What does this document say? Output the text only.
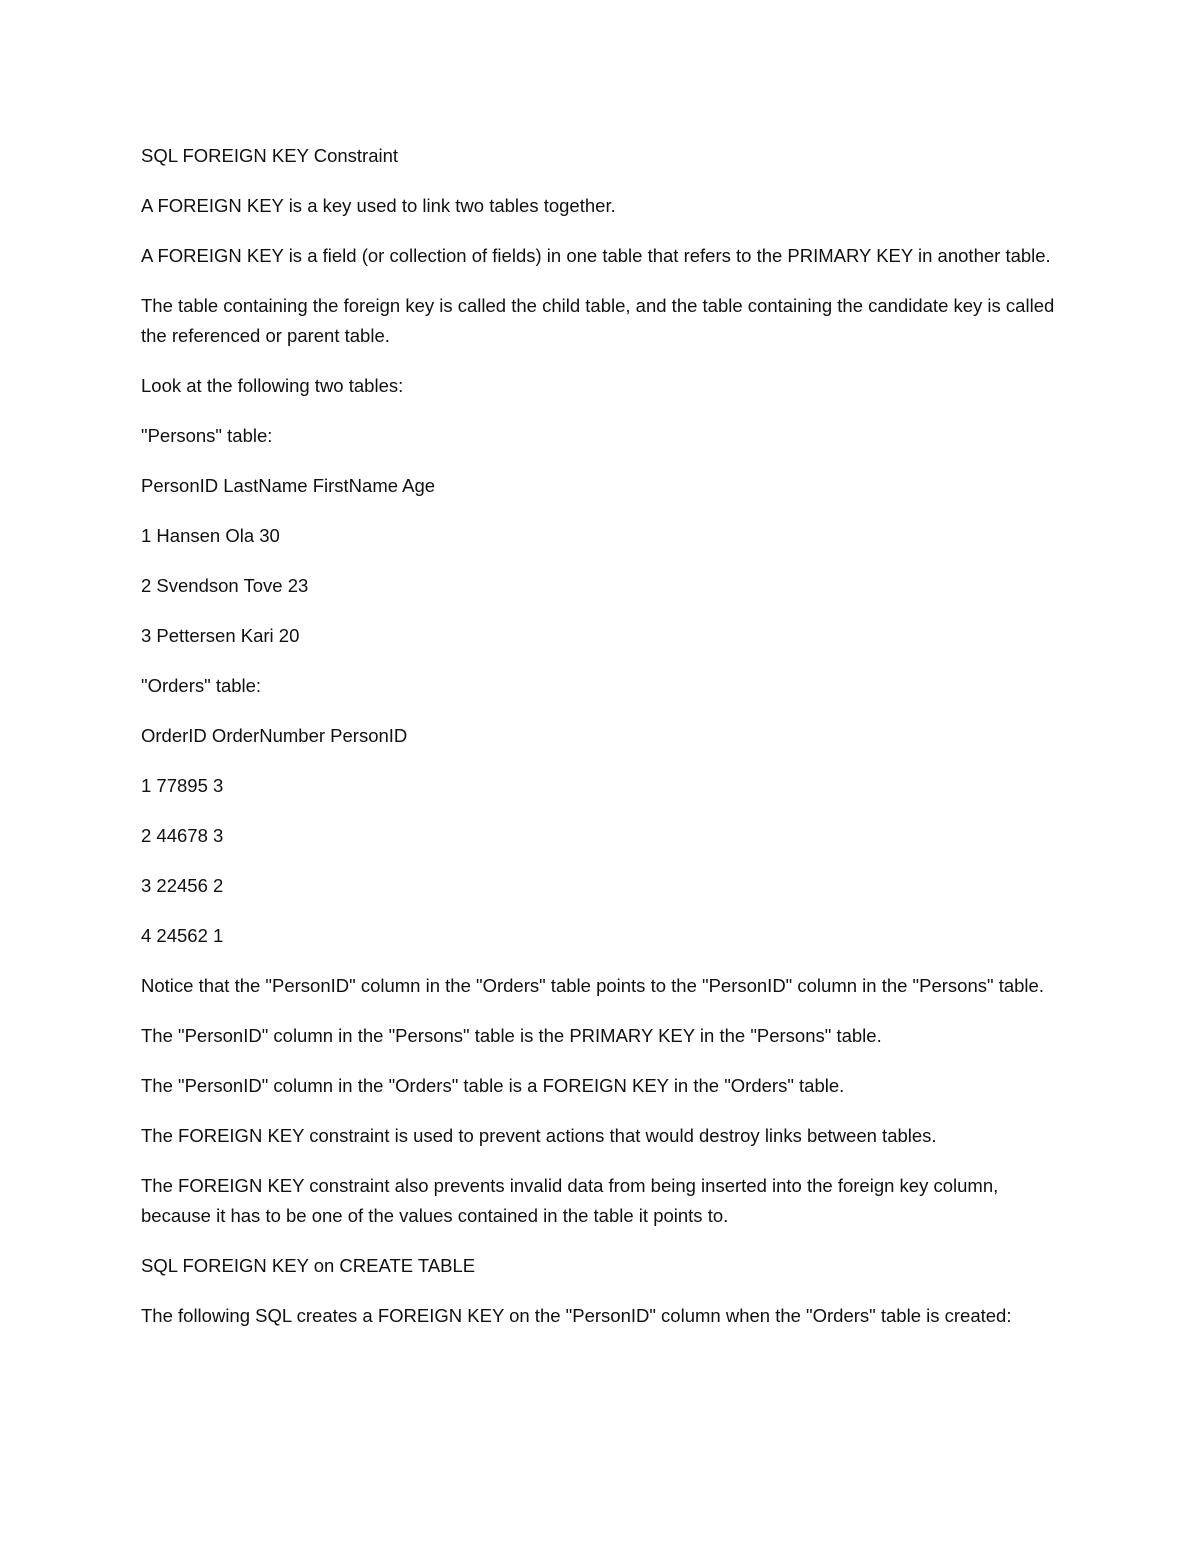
SQL FOREIGN KEY Constraint

A FOREIGN KEY is a key used to link two tables together.

A FOREIGN KEY is a field (or collection of fields) in one table that refers to the PRIMARY KEY in another table.

The table containing the foreign key is called the child table, and the table containing the candidate key is called the referenced or parent table.

Look at the following two tables:

"Persons" table:

PersonID LastName FirstName Age

1 Hansen Ola 30

2 Svendson Tove 23

3 Pettersen Kari 20

"Orders" table:

OrderID OrderNumber PersonID

1 77895 3

2 44678 3

3 22456 2

4 24562 1

Notice that the "PersonID" column in the "Orders" table points to the "PersonID" column in the "Persons" table.

The "PersonID" column in the "Persons" table is the PRIMARY KEY in the "Persons" table.

The "PersonID" column in the "Orders" table is a FOREIGN KEY in the "Orders" table.

The FOREIGN KEY constraint is used to prevent actions that would destroy links between tables.

The FOREIGN KEY constraint also prevents invalid data from being inserted into the foreign key column, because it has to be one of the values contained in the table it points to.

SQL FOREIGN KEY on CREATE TABLE

The following SQL creates a FOREIGN KEY on the "PersonID" column when the "Orders" table is created:
